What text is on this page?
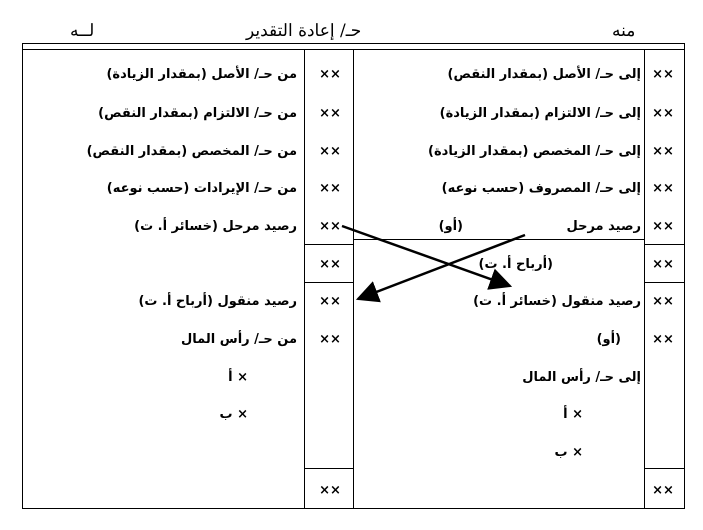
منه
حـ/ إعادة التقدير
لــه
××
××
××
××
××
××
××
××
××
إلى حـ/ الأصل (بمقدار النقص)
إلى حـ/ الالتزام (بمقدار الزيادة)
إلى حـ/ المخصص (بمقدار الزيادة)
إلى حـ/ المصروف (حسب نوعه)
رصيد مرحل
(أو)
(أرباح أ. ت)
رصيد منقول (خسائر أ. ت)
(أو)
إلى حـ/ رأس المال
× أ
× ب
××
××
××
××
××
××
××
××
××
من حـ/ الأصل (بمقدار الزيادة)
من حـ/ الالتزام (بمقدار النقص)
من حـ/ المخصص (بمقدار النقص)
من حـ/ الإيرادات (حسب نوعه)
رصيد مرحل (خسائر أ. ت)
رصيد منقول (أرباح أ. ت)
من حـ/ رأس المال
× أ
× ب
